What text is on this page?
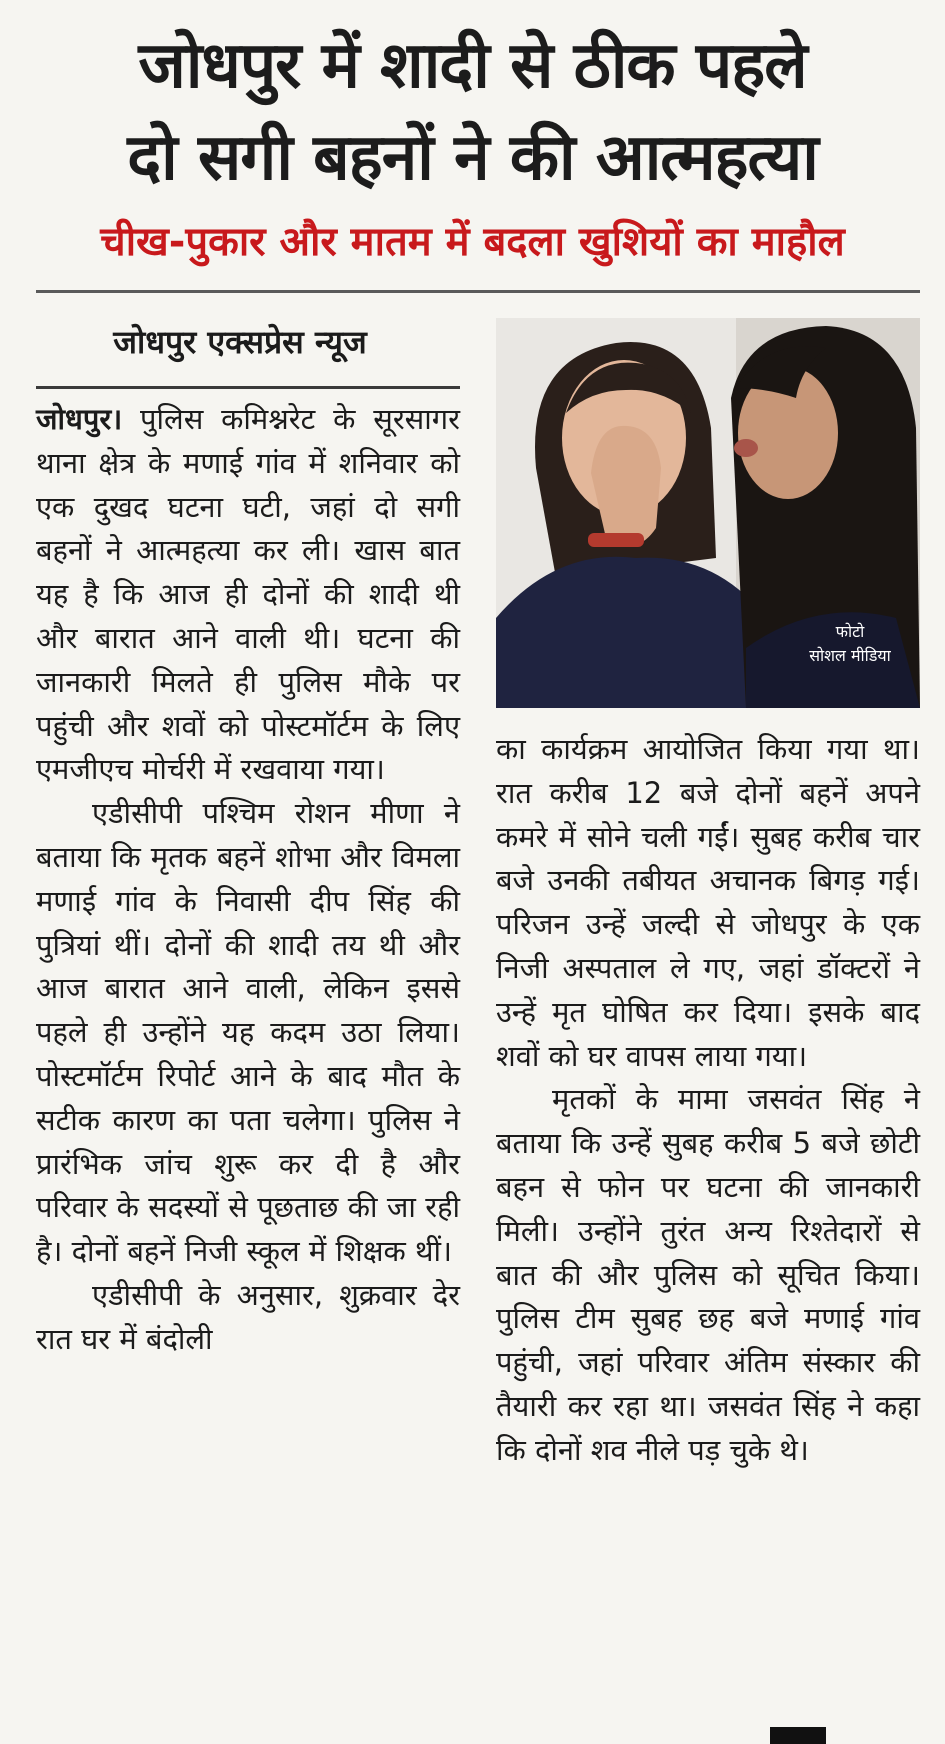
जोधपुर में शादी से ठीक पहले
दो सगी बहनों ने की आत्महत्या
चीख-पुकार और मातम में बदला खुशियों का माहौल
जोधपुर एक्सप्रेस न्यूज

जोधपुर। पुलिस कमिश्नरेट के सूरसागर थाना क्षेत्र के मणाई गांव में शनिवार को एक दुखद घटना घटी, जहां दो सगी बहनों ने आत्महत्या कर ली। खास बात यह है कि आज ही दोनों की शादी थी और बारात आने वाली थी। घटना की जानकारी मिलते ही पुलिस मौके पर पहुंची और शवों को पोस्टमॉर्टम के लिए एमजीएच मोर्चरी में रखवाया गया।

एडीसीपी पश्चिम रोशन मीणा ने बताया कि मृतक बहनें शोभा और विमला मणाई गांव के निवासी दीप सिंह की पुत्रियां थीं। दोनों की शादी तय थी और आज बारात आने वाली, लेकिन इससे पहले ही उन्होंने यह कदम उठा लिया। पोस्टमॉर्टम रिपोर्ट आने के बाद मौत के सटीक कारण का पता चलेगा। पुलिस ने प्रारंभिक जांच शुरू कर दी है और परिवार के सदस्यों से पूछताछ की जा रही है। दोनों बहनें निजी स्कूल में शिक्षक थीं।

एडीसीपी के अनुसार, शुक्रवार देर रात घर में बंदोली

फोटो
सोशल मीडिया

का कार्यक्रम आयोजित किया गया था। रात करीब 12 बजे दोनों बहनें अपने कमरे में सोने चली गईं। सुबह करीब चार बजे उनकी तबीयत अचानक बिगड़ गई। परिजन उन्हें जल्दी से जोधपुर के एक निजी अस्पताल ले गए, जहां डॉक्टरों ने उन्हें मृत घोषित कर दिया। इसके बाद शवों को घर वापस लाया गया।

मृतकों के मामा जसवंत सिंह ने बताया कि उन्हें सुबह करीब 5 बजे छोटी बहन से फोन पर घटना की जानकारी मिली। उन्होंने तुरंत अन्य रिश्तेदारों से बात की और पुलिस को सूचित किया। पुलिस टीम सुबह छह बजे मणाई गांव पहुंची, जहां परिवार अंतिम संस्कार की तैयारी कर रहा था। जसवंत सिंह ने कहा कि दोनों शव नीले पड़ चुके थे।
